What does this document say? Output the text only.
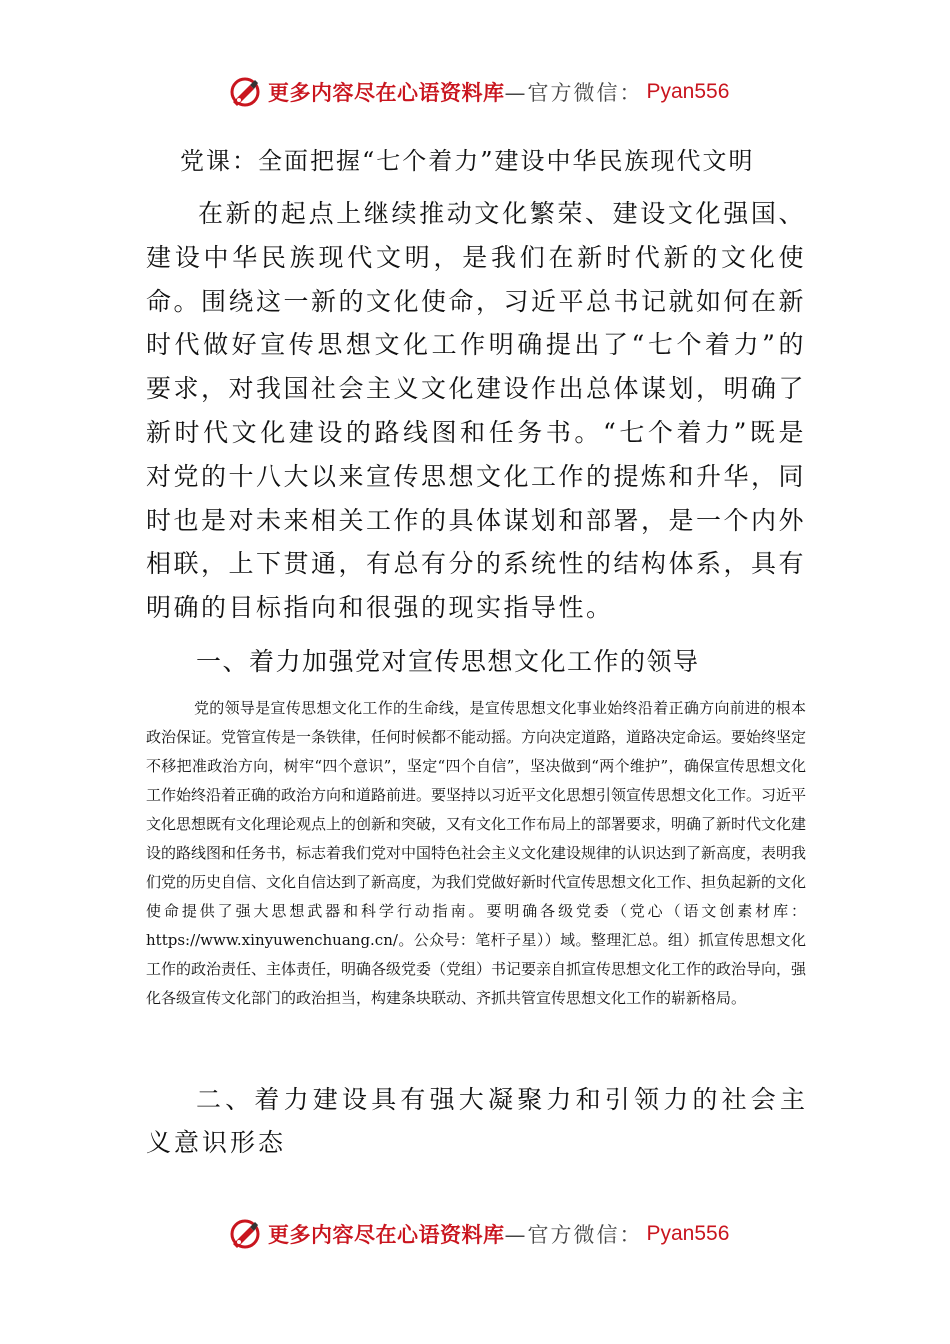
更多内容尽在心语资料库 —官方微信： Pyan556
党课：全面把握“七个着力”建设中华民族现代文明

在新的起点上继续推动文化繁荣、建设文化强国、建设中华民族现代文明，是我们在新时代新的文化使命。围绕这一新的文化使命，习近平总书记就如何在新时代做好宣传思想文化工作明确提出了“七个着力”的要求，对我国社会主义文化建设作出总体谋划，明确了新时代文化建设的路线图和任务书。“七个着力”既是对党的十八大以来宣传思想文化工作的提炼和升华，同时也是对未来相关工作的具体谋划和部署，是一个内外相联，上下贯通，有总有分的系统性的结构体系，具有明确的目标指向和很强的现实指导性。

一、着力加强党对宣传思想文化工作的领导

党的领导是宣传思想文化工作的生命线，是宣传思想文化事业始终沿着正确方向前进的根本政治保证。党管宣传是一条铁律，任何时候都不能动摇。方向决定道路，道路决定命运。要始终坚定不移把准政治方向，树牢“四个意识”，坚定“四个自信”，坚决做到“两个维护”，确保宣传思想文化工作始终沿着正确的政治方向和道路前进。要坚持以习近平文化思想引领宣传思想文化工作。习近平文化思想既有文化理论观点上的创新和突破，又有文化工作布局上的部署要求，明确了新时代文化建设的路线图和任务书，标志着我们党对中国特色社会主义文化建设规律的认识达到了新高度，表明我们党的历史自信、文化自信达到了新高度，为我们党做好新时代宣传思想文化工作、担负起新的文化使命提供了强大思想武器和科学行动指南。要明确各级党委（党心（语文创素材库：https://www.xinyuwenchuang.cn/。公众号：笔杆子星））域。整理汇总。组）抓宣传思想文化工作的政治责任、主体责任，明确各级党委（党组）书记要亲自抓宣传思想文化工作的政治导向，强化各级宣传文化部门的政治担当，构建条块联动、齐抓共管宣传思想文化工作的崭新格局。

二、着力建设具有强大凝聚力和引领力的社会主义意识形态
更多内容尽在心语资料库 —官方微信： Pyan556
